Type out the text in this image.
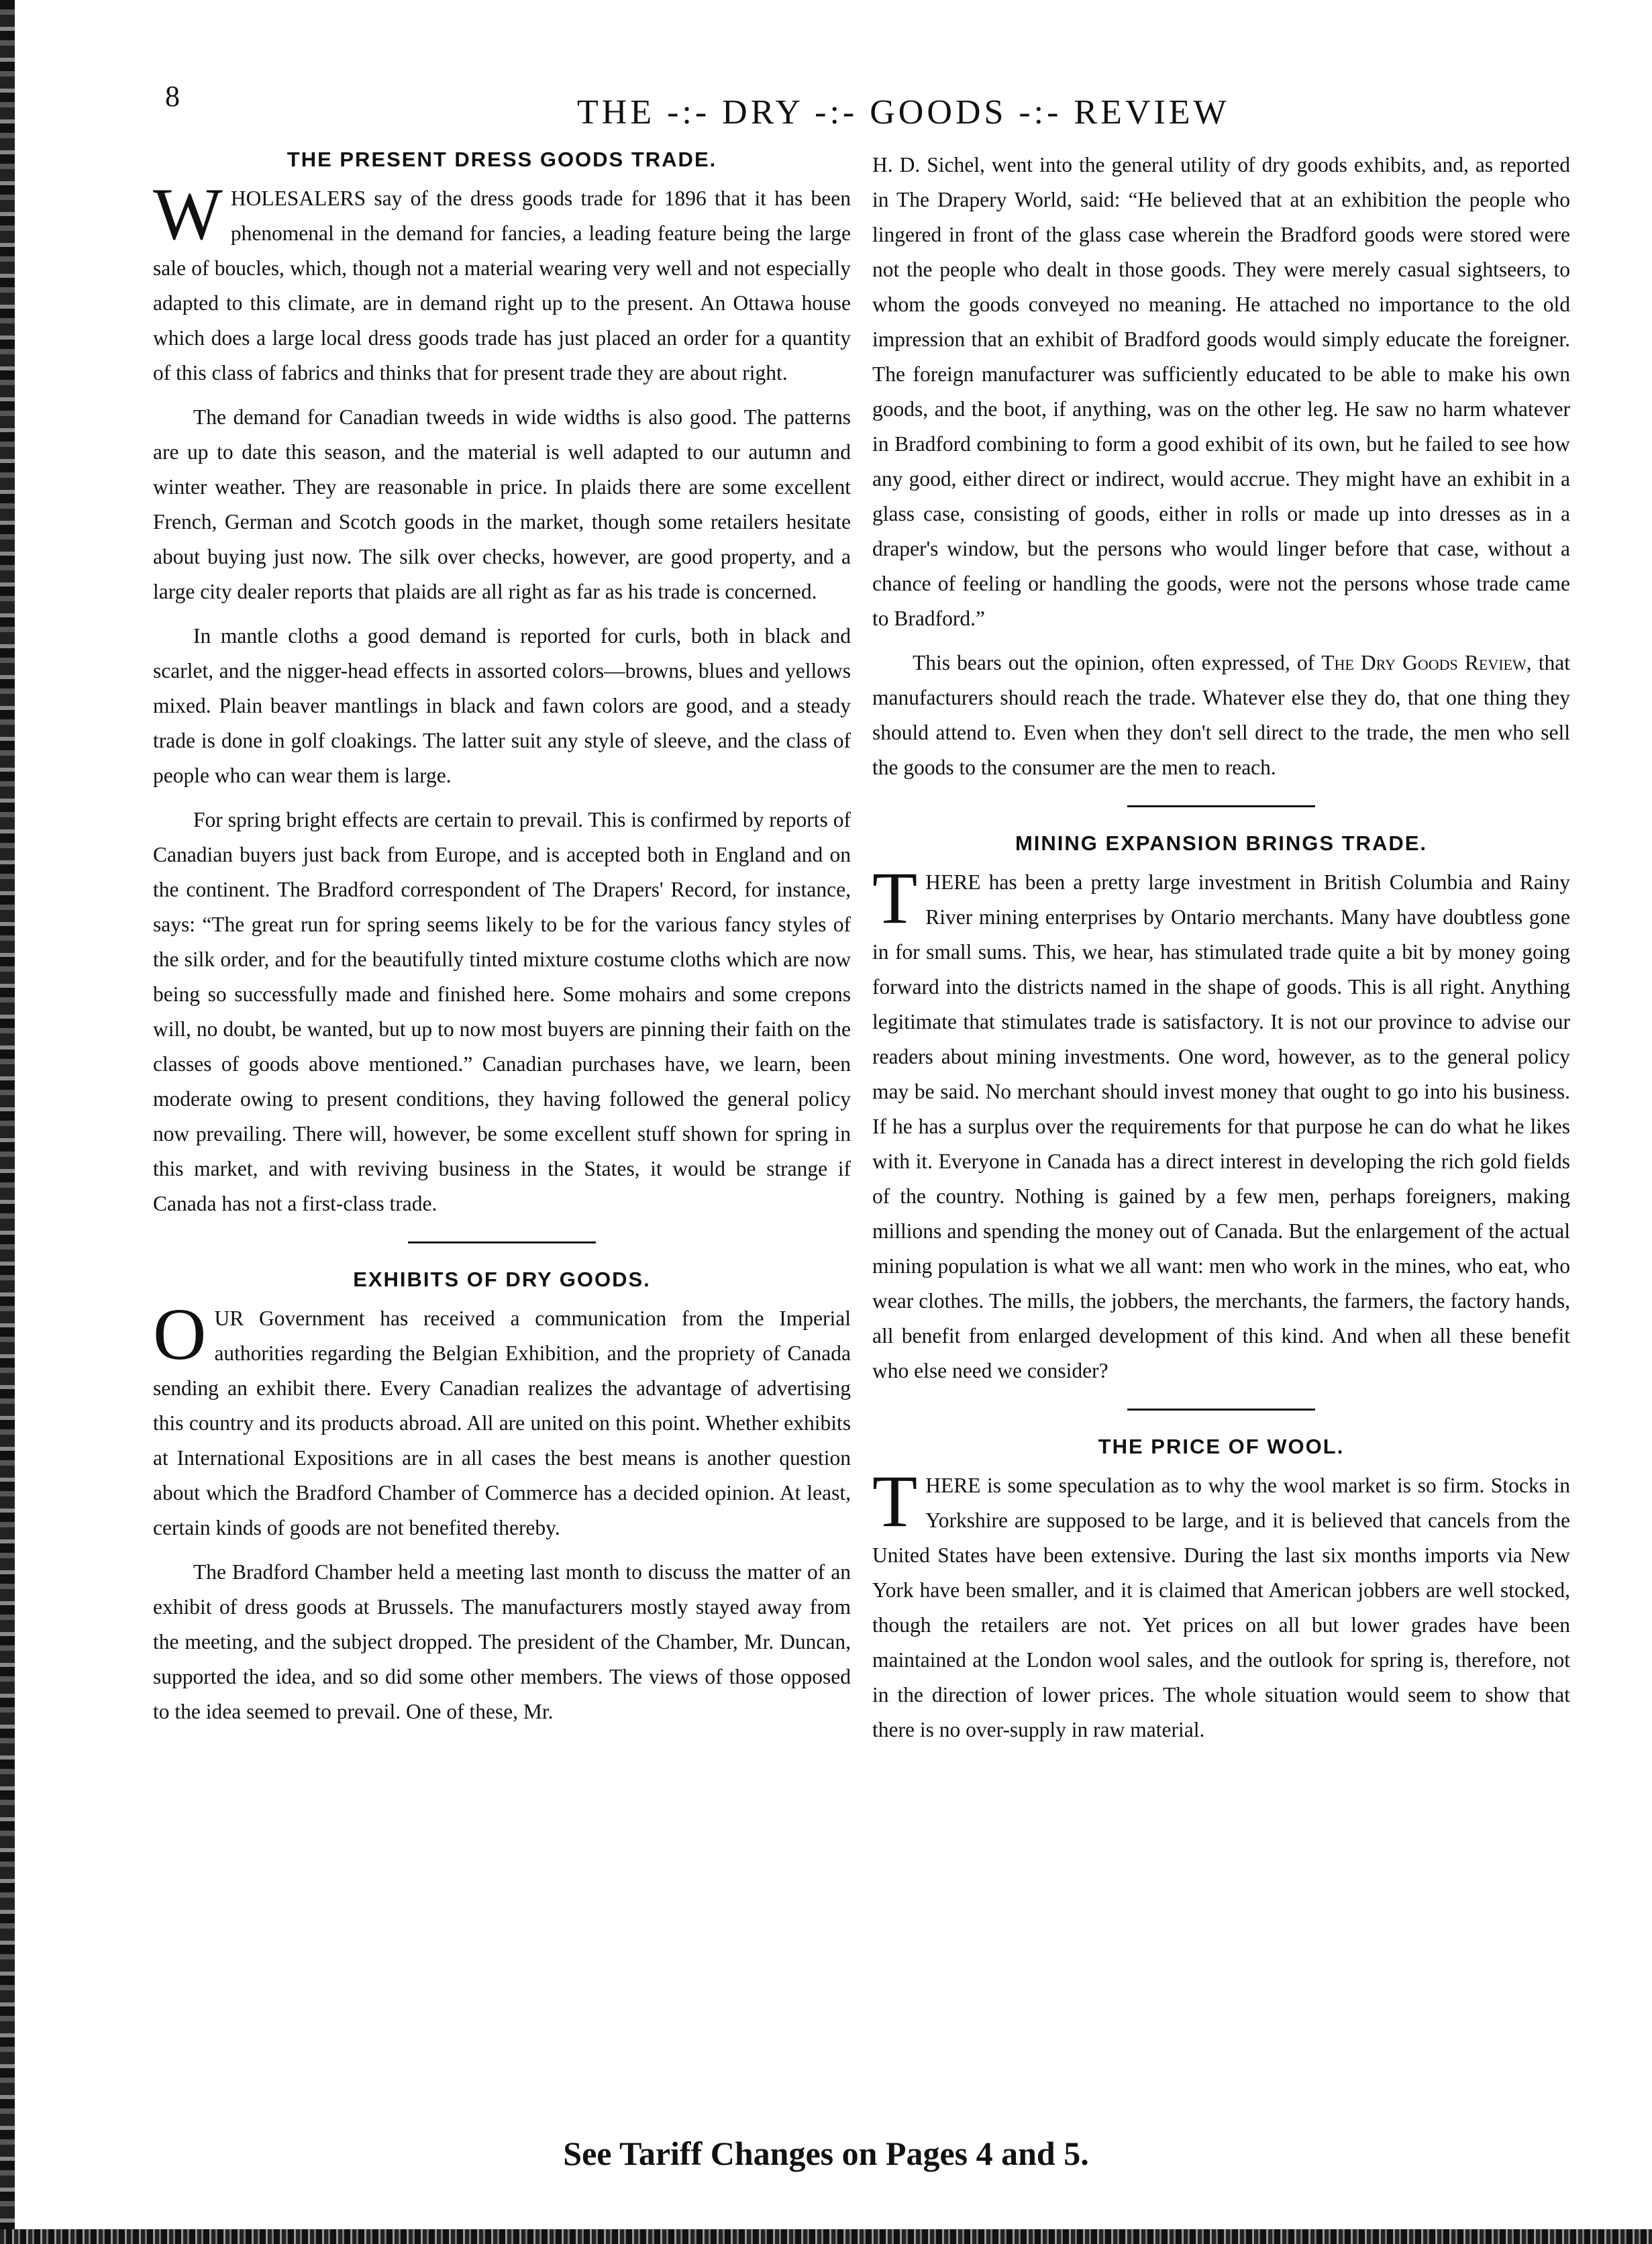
8	THE -:- DRY -:- GOODS -:- REVIEW
THE PRESENT DRESS GOODS TRADE.

WHOLESALERS say of the dress goods trade for 1896 that it has been phenomenal in the demand for fancies, a leading feature being the large sale of boucles, which, though not a material wearing very well and not especially adapted to this climate, are in demand right up to the present. An Ottawa house which does a large local dress goods trade has just placed an order for a quantity of this class of fabrics and thinks that for present trade they are about right.

The demand for Canadian tweeds in wide widths is also good. The patterns are up to date this season, and the material is well adapted to our autumn and winter weather. They are reasonable in price. In plaids there are some excellent French, German and Scotch goods in the market, though some retailers hesitate about buying just now. The silk over checks, however, are good property, and a large city dealer reports that plaids are all right as far as his trade is concerned.

In mantle cloths a good demand is reported for curls, both in black and scarlet, and the nigger-head effects in assorted colors—browns, blues and yellows mixed. Plain beaver mantlings in black and fawn colors are good, and a steady trade is done in golf cloakings. The latter suit any style of sleeve, and the class of people who can wear them is large.

For spring bright effects are certain to prevail. This is confirmed by reports of Canadian buyers just back from Europe, and is accepted both in England and on the continent. The Bradford correspondent of The Drapers' Record, for instance, says: “The great run for spring seems likely to be for the various fancy styles of the silk order, and for the beautifully tinted mixture costume cloths which are now being so successfully made and finished here. Some mohairs and some crepons will, no doubt, be wanted, but up to now most buyers are pinning their faith on the classes of goods above mentioned.” Canadian purchases have, we learn, been moderate owing to present conditions, they having followed the general policy now prevailing. There will, however, be some excellent stuff shown for spring in this market, and with reviving business in the States, it would be strange if Canada has not a first-class trade.

EXHIBITS OF DRY GOODS.

OUR Government has received a communication from the Imperial authorities regarding the Belgian Exhibition, and the propriety of Canada sending an exhibit there. Every Canadian realizes the advantage of advertising this country and its products abroad. All are united on this point. Whether exhibits at International Expositions are in all cases the best means is another question about which the Bradford Chamber of Commerce has a decided opinion. At least, certain kinds of goods are not benefited thereby.

The Bradford Chamber held a meeting last month to discuss the matter of an exhibit of dress goods at Brussels. The manufacturers mostly stayed away from the meeting, and the subject dropped. The president of the Chamber, Mr. Duncan, supported the idea, and so did some other members. The views of those opposed to the idea seemed to prevail. One of these, Mr.

H. D. Sichel, went into the general utility of dry goods exhibits, and, as reported in The Drapery World, said: “He believed that at an exhibition the people who lingered in front of the glass case wherein the Bradford goods were stored were not the people who dealt in those goods. They were merely casual sightseers, to whom the goods conveyed no meaning. He attached no importance to the old impression that an exhibit of Bradford goods would simply educate the foreigner. The foreign manufacturer was sufficiently educated to be able to make his own goods, and the boot, if anything, was on the other leg. He saw no harm whatever in Bradford combining to form a good exhibit of its own, but he failed to see how any good, either direct or indirect, would accrue. They might have an exhibit in a glass case, consisting of goods, either in rolls or made up into dresses as in a draper's window, but the persons who would linger before that case, without a chance of feeling or handling the goods, were not the persons whose trade came to Bradford.”

This bears out the opinion, often expressed, of The Dry Goods Review, that manufacturers should reach the trade. Whatever else they do, that one thing they should attend to. Even when they don't sell direct to the trade, the men who sell the goods to the consumer are the men to reach.

MINING EXPANSION BRINGS TRADE.

THERE has been a pretty large investment in British Columbia and Rainy River mining enterprises by Ontario merchants. Many have doubtless gone in for small sums. This, we hear, has stimulated trade quite a bit by money going forward into the districts named in the shape of goods. This is all right. Anything legitimate that stimulates trade is satisfactory. It is not our province to advise our readers about mining investments. One word, however, as to the general policy may be said. No merchant should invest money that ought to go into his business. If he has a surplus over the requirements for that purpose he can do what he likes with it. Everyone in Canada has a direct interest in developing the rich gold fields of the country. Nothing is gained by a few men, perhaps foreigners, making millions and spending the money out of Canada. But the enlargement of the actual mining population is what we all want: men who work in the mines, who eat, who wear clothes. The mills, the jobbers, the merchants, the farmers, the factory hands, all benefit from enlarged development of this kind. And when all these benefit who else need we consider?

THE PRICE OF WOOL.

THERE is some speculation as to why the wool market is so firm. Stocks in Yorkshire are supposed to be large, and it is believed that cancels from the United States have been extensive. During the last six months imports via New York have been smaller, and it is claimed that American jobbers are well stocked, though the retailers are not. Yet prices on all but lower grades have been maintained at the London wool sales, and the outlook for spring is, therefore, not in the direction of lower prices. The whole situation would seem to show that there is no over-supply in raw material.

See Tariff Changes on Pages 4 and 5.
